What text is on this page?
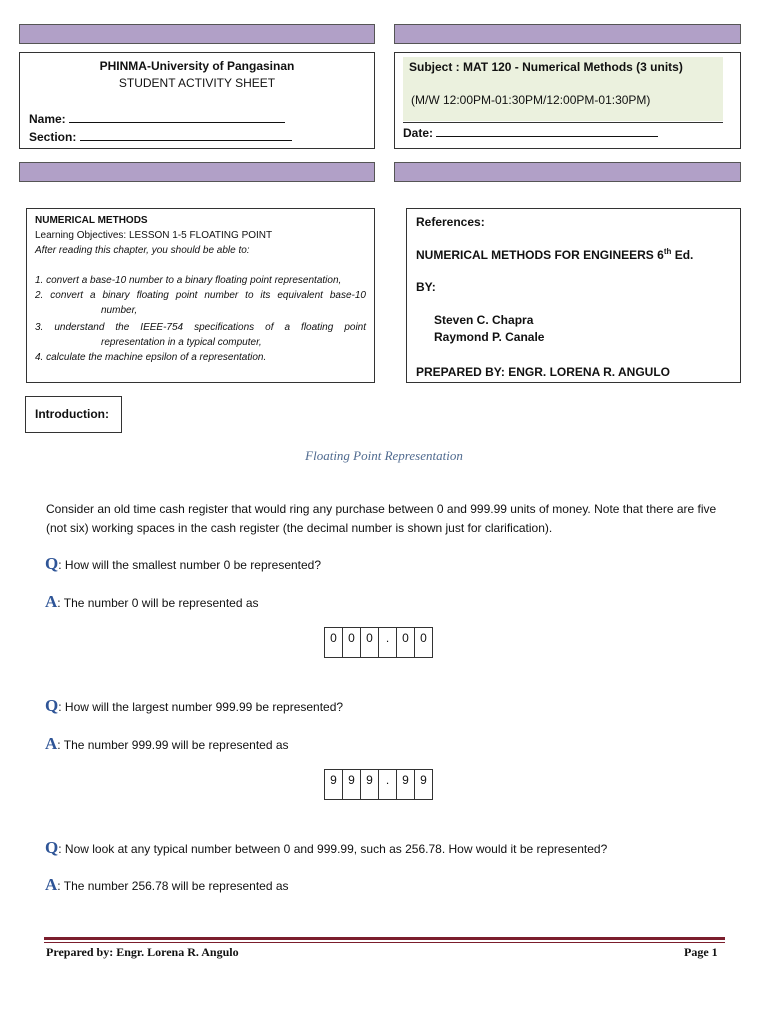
PHINMA-University of Pangasinan
STUDENT ACTIVITY SHEET
Name:
Section:
Subject : MAT 120 - Numerical Methods (3 units)
(M/W 12:00PM-01:30PM/12:00PM-01:30PM)
Date:
NUMERICAL METHODS
Learning Objectives: LESSON 1-5 FLOATING POINT
After reading this chapter, you should be able to:
1. convert a base-10 number to a binary floating point representation,
2. convert a binary floating point number to its equivalent base-10
number,
3. understand the IEEE-754 specifications of a floating point
representation in a typical computer,
4. calculate the machine epsilon of a representation.
References:
NUMERICAL METHODS FOR ENGINEERS 6th Ed.
BY:
Steven C. Chapra
Raymond P. Canale
PREPARED BY: ENGR. LORENA R. ANGULO
Introduction:
Floating Point Representation
Consider an old time cash register that would ring any purchase between 0 and 999.99 units of money. Note that there are five (not six) working spaces in the cash register (the decimal number is shown just for clarification).
Q: How will the smallest number 0 be represented?
A: The number 0 will be represented as
0	0	0	.	0	0
Q: How will the largest number 999.99 be represented?
A: The number 999.99 will be represented as
9	9	9	.	9	9
Q: Now look at any typical number between 0 and 999.99, such as 256.78. How would it be represented?
A: The number 256.78 will be represented as
Prepared by: Engr. Lorena R. Angulo	Page 1
